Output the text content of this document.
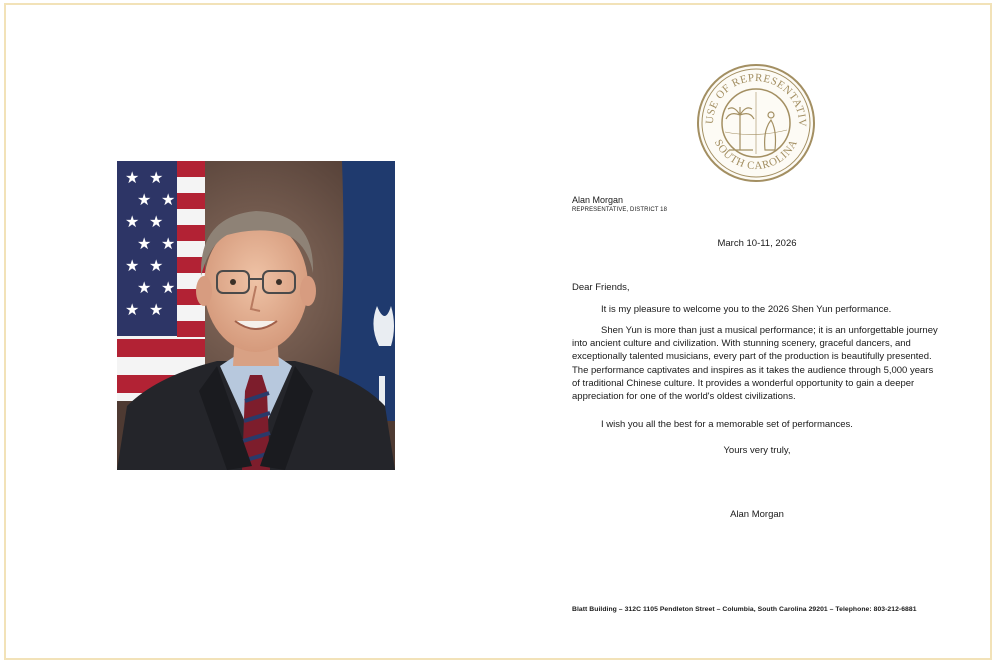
★ ★
★ ★
★ ★
★ ★
★ ★
★ ★
★ ★
USE OF REPRESENTATIV
SOUTH CAROLINA
Alan Morgan
REPRESENTATIVE, DISTRICT 18
March 10-11, 2026
Dear Friends,

It is my pleasure to welcome you to the 2026 Shen Yun performance.

Shen Yun is more than just a musical performance; it is an unforgettable journey into ancient culture and civilization. With stunning scenery, graceful dancers, and exceptionally talented musicians, every part of the production is beautifully presented. The performance captivates and inspires as it takes the audience through 5,000 years of traditional Chinese culture. It provides a wonderful opportunity to gain a deeper appreciation for one of the world's oldest civilizations.

I wish you all the best for a memorable set of performances.

Yours very truly,
Alan Morgan
Blatt Building – 312C 1105 Pendleton Street – Columbia, South Carolina 29201 – Telephone: 803-212-6881
